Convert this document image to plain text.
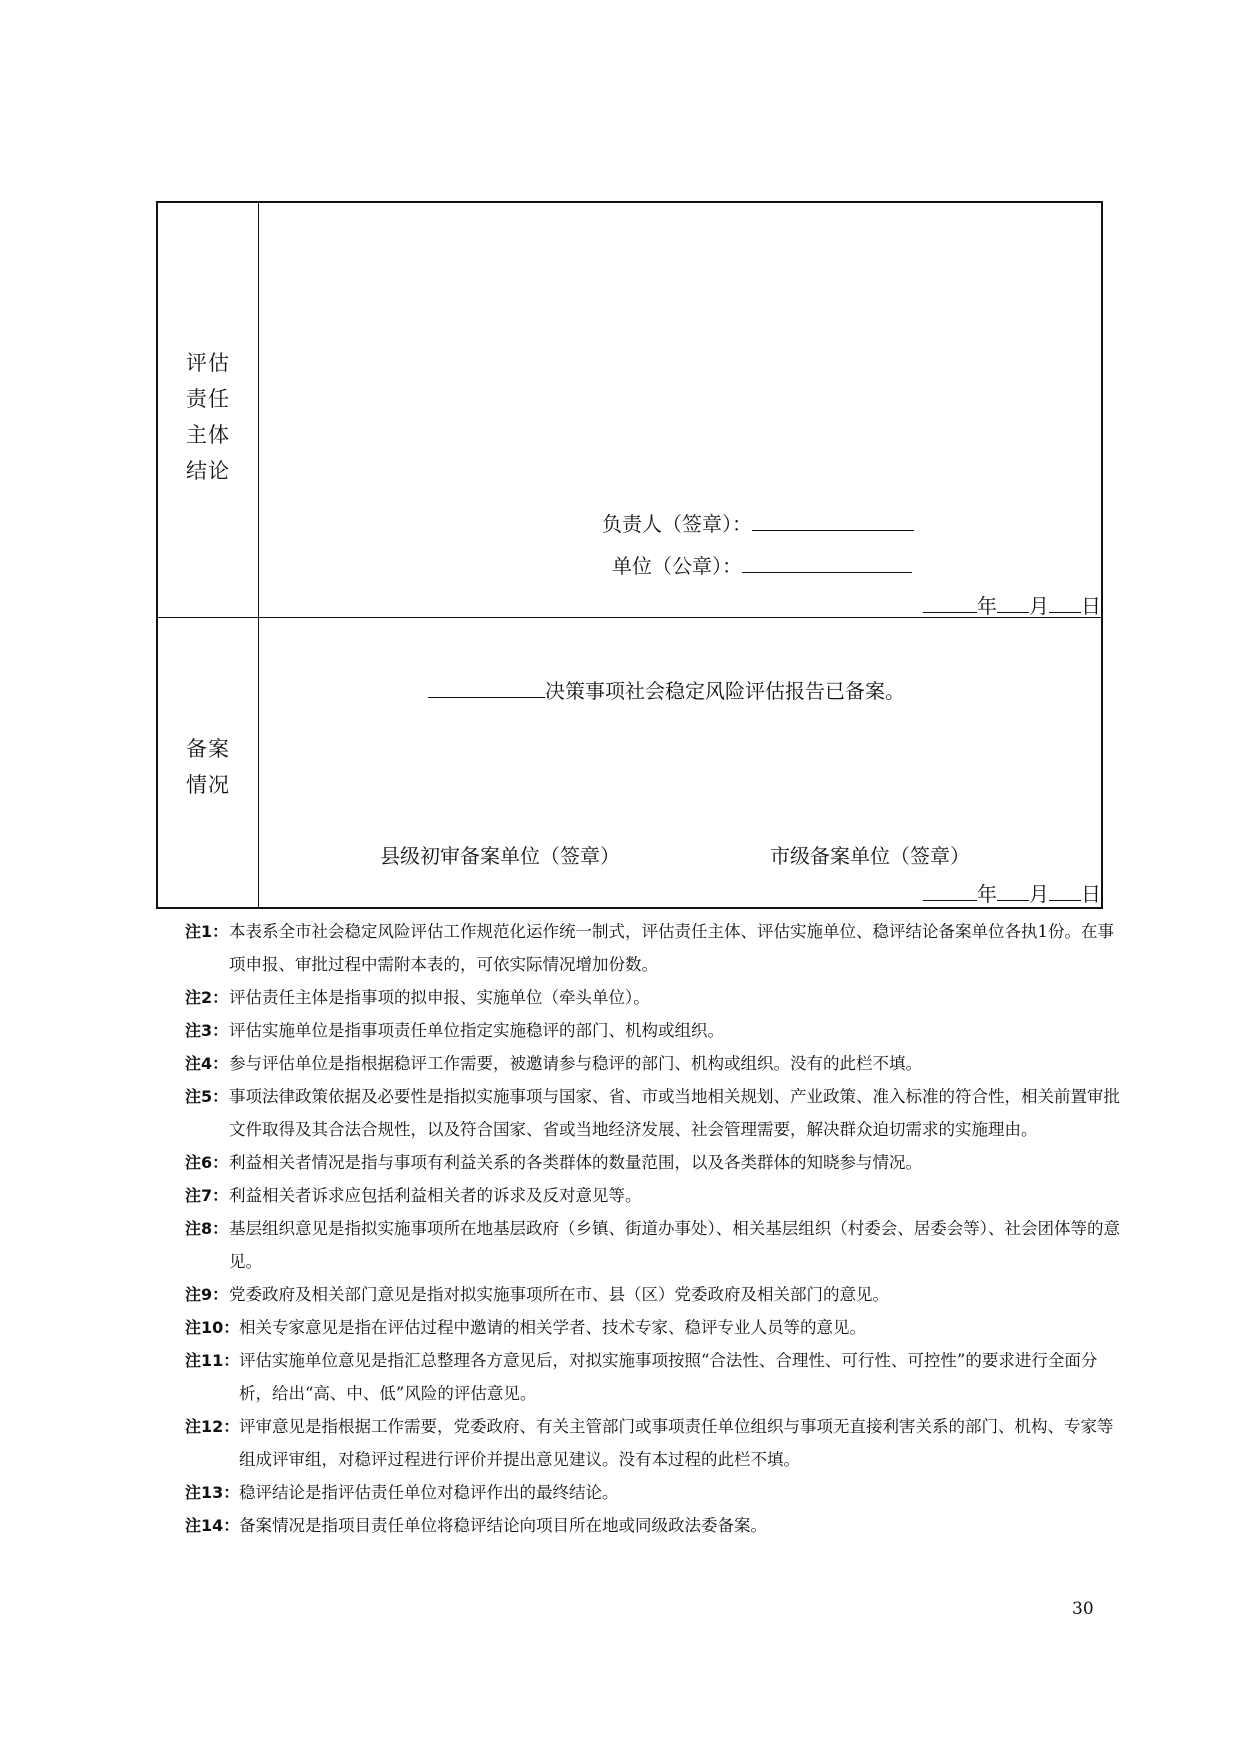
评估
责任
主体
结论
负责人（签章）：
单位（公章）：
年 月 日
备案
情况
决策事项社会稳定风险评估报告已备案。
县级初审备案单位（签章）	市级备案单位（签章）
年 月 日
注1： 本表系全市社会稳定风险评估工作规范化运作统一制式，评估责任主体、评估实施单位、稳评结论备案单位各执1份。在事项申报、审批过程中需附本表的，可依实际情况增加份数。
注2： 评估责任主体是指事项的拟申报、实施单位（牵头单位）。
注3： 评估实施单位是指事项责任单位指定实施稳评的部门、机构或组织。
注4： 参与评估单位是指根据稳评工作需要，被邀请参与稳评的部门、机构或组织。没有的此栏不填。
注5： 事项法律政策依据及必要性是指拟实施事项与国家、省、市或当地相关规划、产业政策、准入标准的符合性，相关前置审批文件取得及其合法合规性，以及符合国家、省或当地经济发展、社会管理需要，解决群众迫切需求的实施理由。
注6： 利益相关者情况是指与事项有利益关系的各类群体的数量范围，以及各类群体的知晓参与情况。
注7： 利益相关者诉求应包括利益相关者的诉求及反对意见等。
注8： 基层组织意见是指拟实施事项所在地基层政府（乡镇、街道办事处）、相关基层组织（村委会、居委会等）、社会团体等的意见。
注9： 党委政府及相关部门意见是指对拟实施事项所在市、县（区）党委政府及相关部门的意见。
注10： 相关专家意见是指在评估过程中邀请的相关学者、技术专家、稳评专业人员等的意见。
注11： 评估实施单位意见是指汇总整理各方意见后，对拟实施事项按照“合法性、合理性、可行性、可控性”的要求进行全面分析，给出“高、中、低”风险的评估意见。
注12： 评审意见是指根据工作需要，党委政府、有关主管部门或事项责任单位组织与事项无直接利害关系的部门、机构、专家等组成评审组，对稳评过程进行评价并提出意见建议。没有本过程的此栏不填。
注13： 稳评结论是指评估责任单位对稳评作出的最终结论。
注14： 备案情况是指项目责任单位将稳评结论向项目所在地或同级政法委备案。
30
